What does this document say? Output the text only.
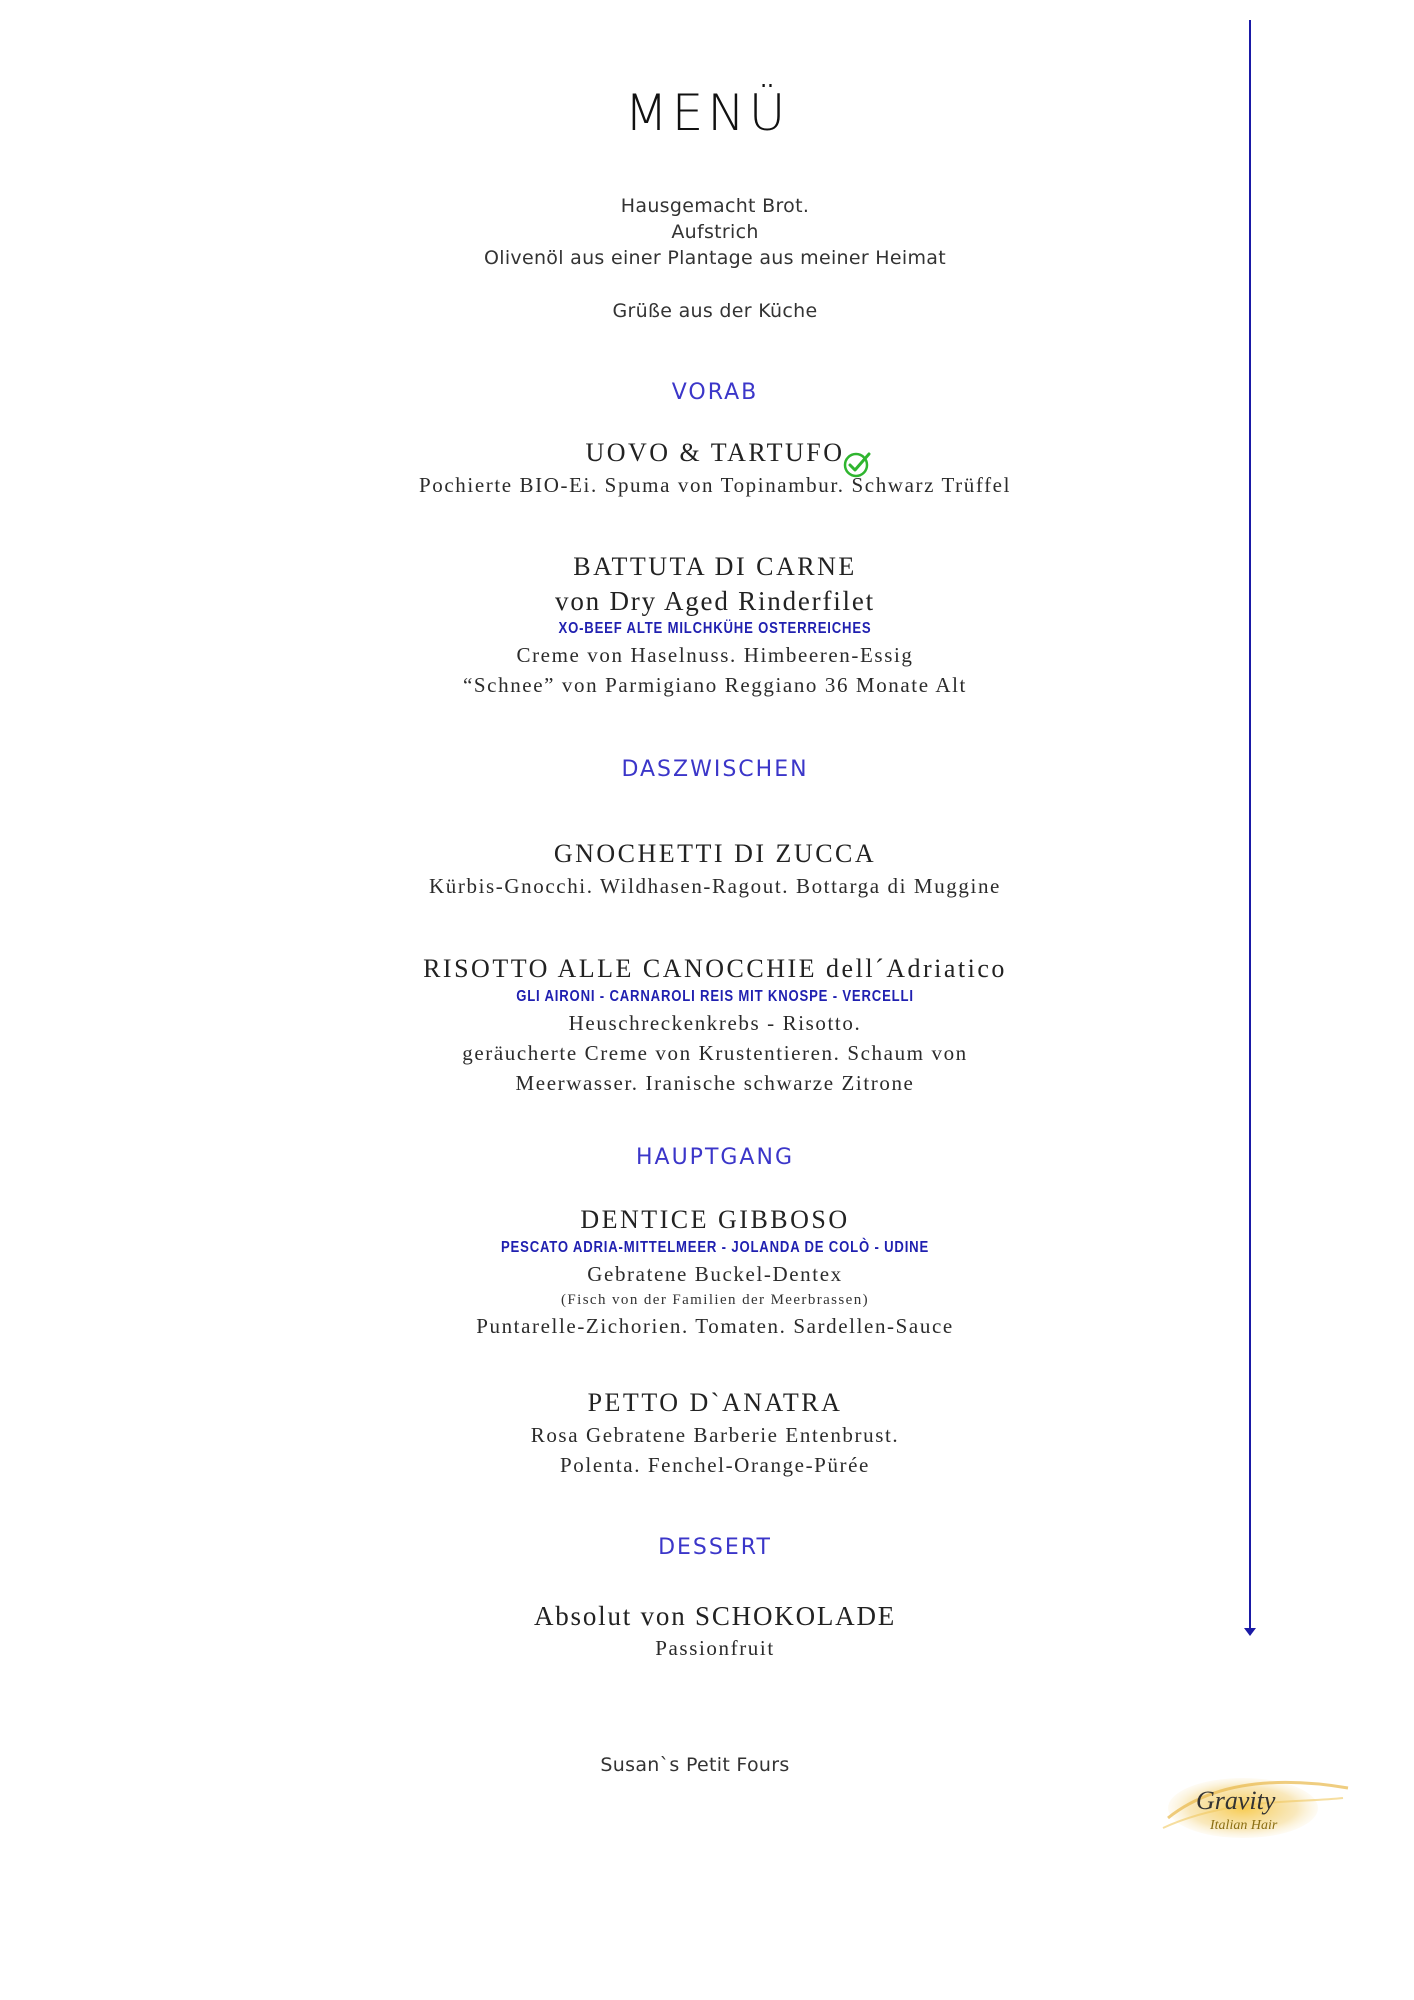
MENÜ
Hausgemacht Brot.
Aufstrich
Olivenöl aus einer Plantage aus meiner Heimat
Grüße aus der Küche
VORAB
UOVO & TARTUFO
Pochierte BIO-Ei. Spuma von Topinambur. Schwarz Trüffel
BATTUTA DI CARNE
von Dry Aged Rinderfilet
XO-BEEF ALTE MILCHKÜHE OSTERREICHES
Creme von Haselnuss. Himbeeren-Essig
“Schnee” von Parmigiano Reggiano 36 Monate Alt
DASZWISCHEN
GNOCHETTI DI ZUCCA
Kürbis-Gnocchi. Wildhasen-Ragout. Bottarga di Muggine
RISOTTO ALLE CANOCCHIE dell´Adriatico
GLI AIRONI - CARNAROLI REIS MIT KNOSPE - VERCELLI
Heuschreckenkrebs - Risotto.
geräucherte Creme von Krustentieren. Schaum von
Meerwasser. Iranische schwarze Zitrone
HAUPTGANG
DENTICE GIBBOSO
PESCATO ADRIA-MITTELMEER - JOLANDA DE COLÒ - UDINE
Gebratene Buckel-Dentex
(Fisch von der Familien der Meerbrassen)
Puntarelle-Zichorien. Tomaten. Sardellen-Sauce
PETTO D`ANATRA
Rosa Gebratene Barberie Entenbrust.
Polenta. Fenchel-Orange-Pürée
DESSERT
Absolut von SCHOKOLADE
Passionfruit
Susan`s Petit Fours
Gravity
Italian Hair
